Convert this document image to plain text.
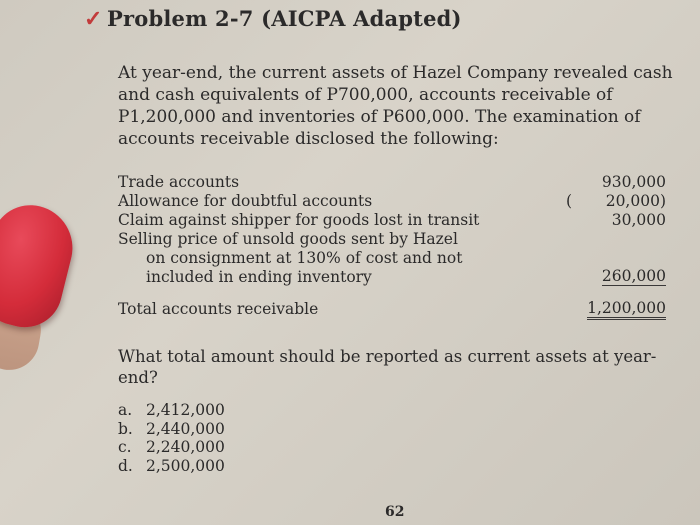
✓ Problem 2-7 (AICPA Adapted)
At year-end, the current assets of Hazel Company revealed cash and cash equivalents of P700,000, accounts receivable of P1,200,000 and inventories of P600,000. The examination of accounts receivable disclosed the following:
Trade accounts	930,000
Allowance for doubtful accounts	( 20,000)
Claim against shipper for goods lost in transit	30,000
Selling price of unsold goods sent by Hazel
on consignment at 130% of cost and not
included in ending inventory	260,000
Total accounts receivable	1,200,000
What total amount should be reported as current assets at year-end?
a. 2,412,000
b. 2,440,000
c. 2,240,000
d. 2,500,000
62
